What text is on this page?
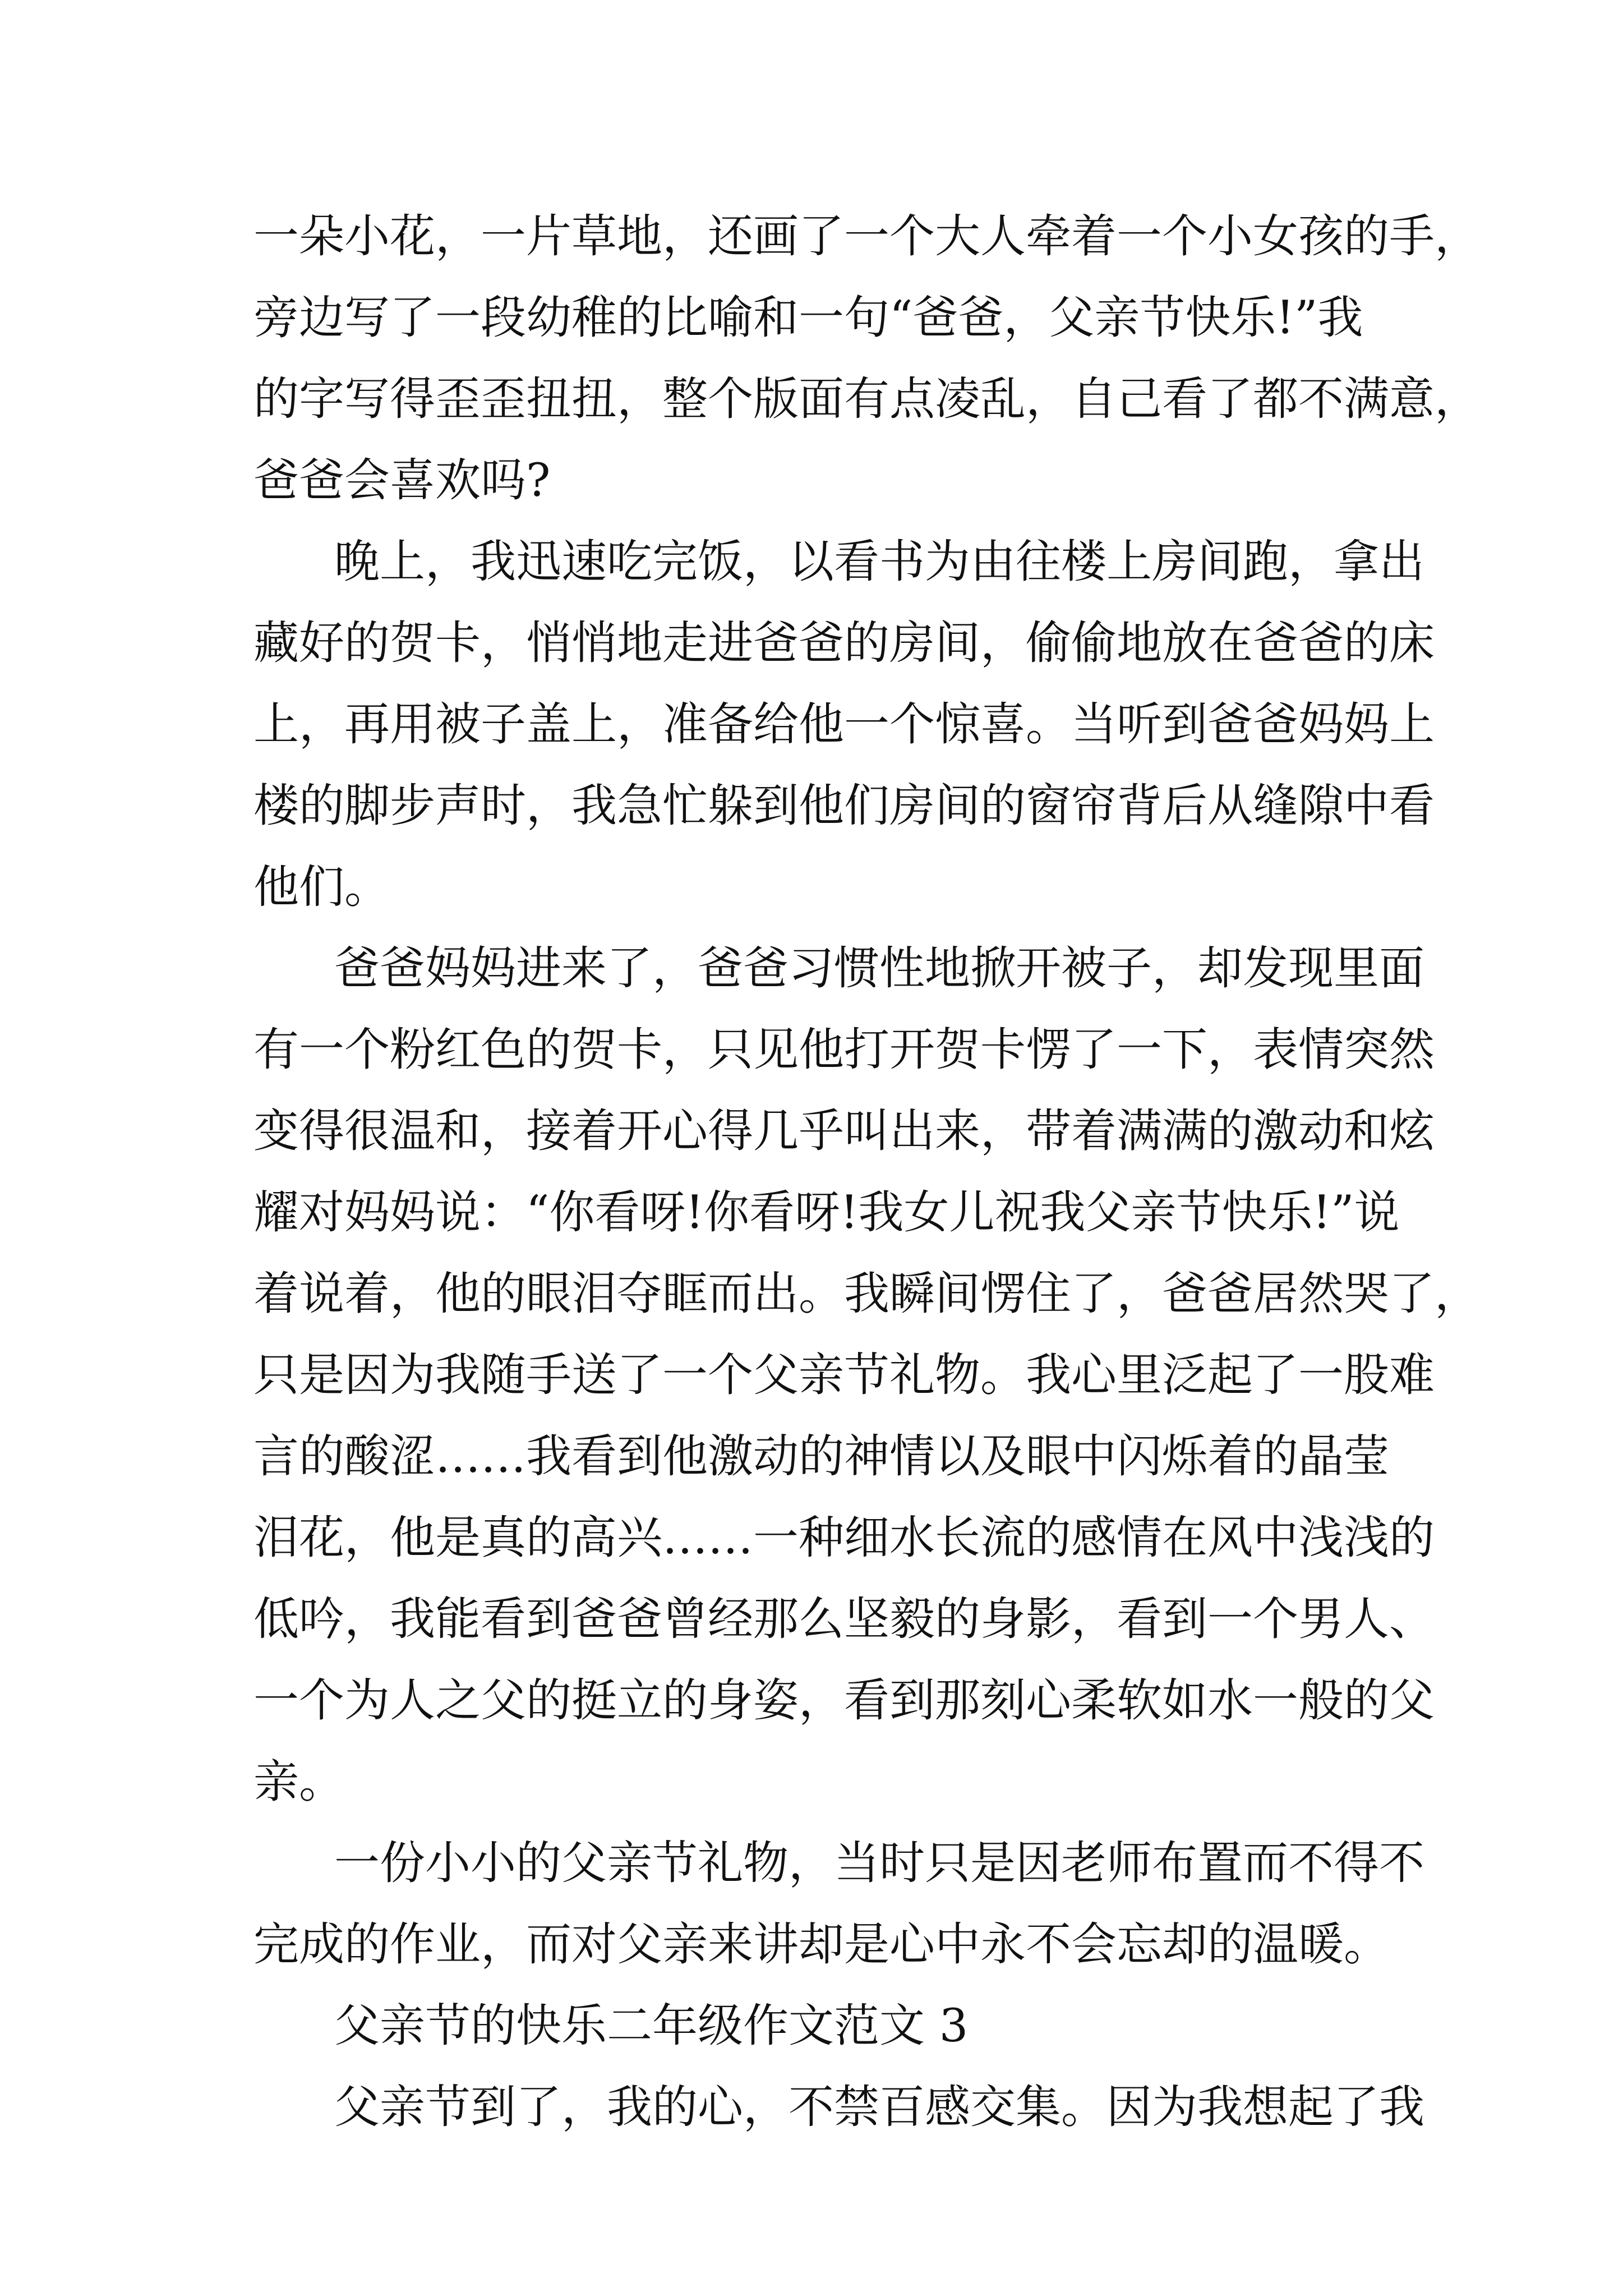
一朵小花，一片草地，还画了一个大人牵着一个小女孩的手，

旁边写了一段幼稚的比喻和一句“爸爸，父亲节快乐!”我

的字写得歪歪扭扭，整个版面有点凌乱，自己看了都不满意，

爸爸会喜欢吗?

晚上，我迅速吃完饭，以看书为由往楼上房间跑，拿出

藏好的贺卡，悄悄地走进爸爸的房间，偷偷地放在爸爸的床

上，再用被子盖上，准备给他一个惊喜。当听到爸爸妈妈上

楼的脚步声时，我急忙躲到他们房间的窗帘背后从缝隙中看

他们。

爸爸妈妈进来了，爸爸习惯性地掀开被子，却发现里面

有一个粉红色的贺卡，只见他打开贺卡愣了一下，表情突然

变得很温和，接着开心得几乎叫出来，带着满满的激动和炫

耀对妈妈说：“你看呀!你看呀!我女儿祝我父亲节快乐!”说

着说着，他的眼泪夺眶而出。我瞬间愣住了，爸爸居然哭了，

只是因为我随手送了一个父亲节礼物。我心里泛起了一股难

言的酸涩……我看到他激动的神情以及眼中闪烁着的晶莹

泪花，他是真的高兴……一种细水长流的感情在风中浅浅的

低吟，我能看到爸爸曾经那么坚毅的身影，看到一个男人、

一个为人之父的挺立的身姿，看到那刻心柔软如水一般的父

亲。

一份小小的父亲节礼物，当时只是因老师布置而不得不

完成的作业，而对父亲来讲却是心中永不会忘却的温暖。

父亲节的快乐二年级作文范文 3

父亲节到了，我的心，不禁百感交集。因为我想起了我
